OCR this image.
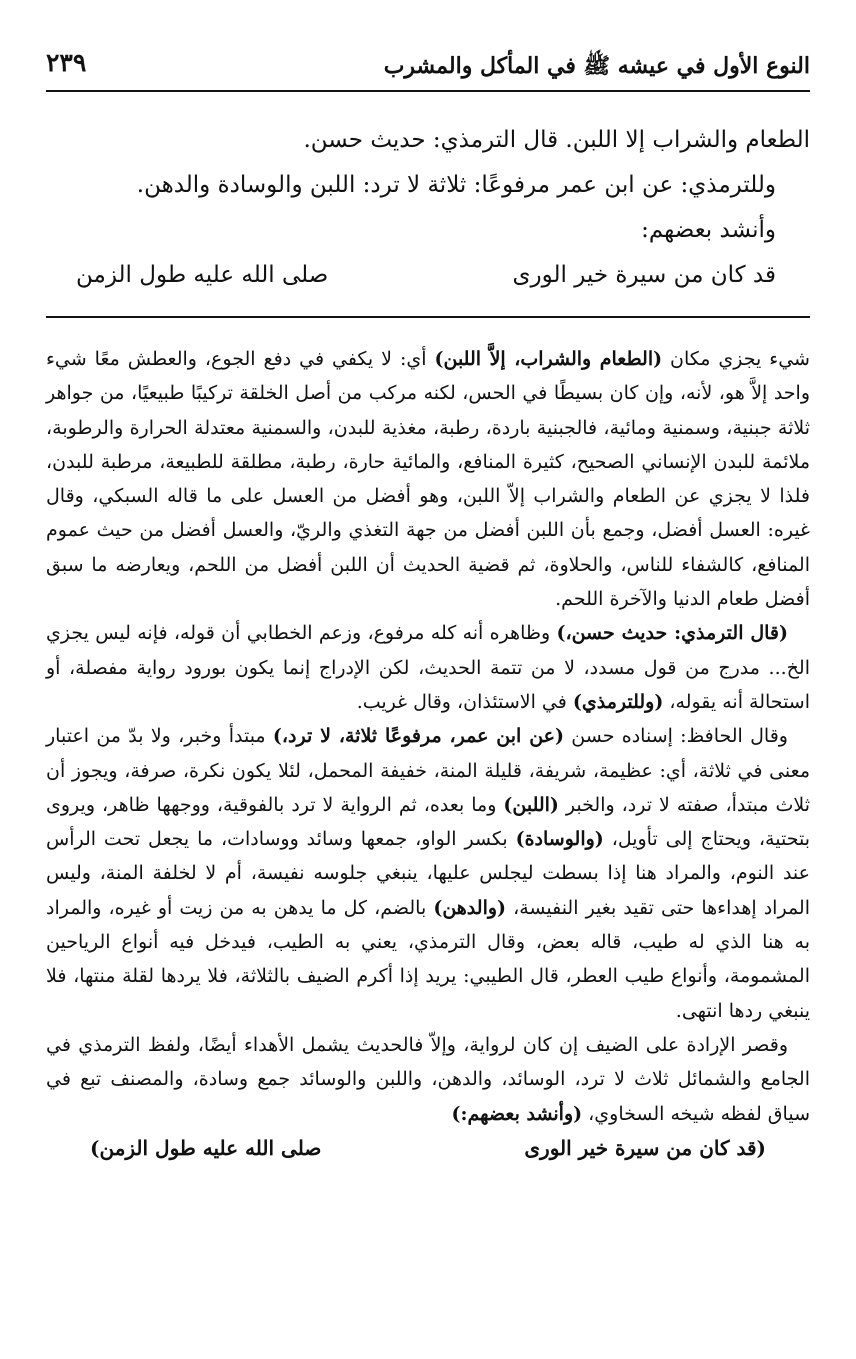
النوع الأول في عيشه ﷺ في المأكل والمشرب
٢٣٩

الطعام والشراب إلا اللبن. قال الترمذي: حديث حسن.

وللترمذي: عن ابن عمر مرفوعًا: ثلاثة لا ترد: اللبن والوسادة والدهن.

وأنشد بعضهم:

قد كان من سيرة خير الورى
صلى الله عليه طول الزمن

شيء يجزي مكان (الطعام والشراب، إلاَّ اللبن) أي: لا يكفي في دفع الجوع، والعطش معًا شيء واحد إلاَّ هو، لأنه، وإن كان بسيطًا في الحس، لكنه مركب من أصل الخلقة تركيبًا طبيعيًا، من جواهر ثلاثة جبنية، وسمنية ومائية، فالجبنية باردة، رطبة، مغذية للبدن، والسمنية معتدلة الحرارة والرطوبة، ملائمة للبدن الإنساني الصحيح، كثيرة المنافع، والمائية حارة، رطبة، مطلقة للطبيعة، مرطبة للبدن، فلذا لا يجزي عن الطعام والشراب إلاّ اللبن، وهو أفضل من العسل على ما قاله السبكي، وقال غيره: العسل أفضل، وجمع بأن اللبن أفضل من جهة التغذي والريّ، والعسل أفضل من حيث عموم المنافع، كالشفاء للناس، والحلاوة، ثم قضية الحديث أن اللبن أفضل من اللحم، ويعارضه ما سبق أفضل طعام الدنيا والآخرة اللحم.

(قال الترمذي: حديث حسن،) وظاهره أنه كله مرفوع، وزعم الخطابي أن قوله، فإنه ليس يجزي الخ... مدرج من قول مسدد، لا من تتمة الحديث، لكن الإدراج إنما يكون بورود رواية مفصلة، أو استحالة أنه يقوله، (وللترمذي) في الاستئذان، وقال غريب.

وقال الحافظ: إسناده حسن (عن ابن عمر، مرفوعًا ثلاثة، لا ترد،) مبتدأ وخبر، ولا بدّ من اعتبار معنى في ثلاثة، أي: عظيمة، شريفة، قليلة المنة، خفيفة المحمل، لئلا يكون نكرة، صرفة، ويجوز أن ثلاث مبتدأ، صفته لا ترد، والخبر (اللبن) وما بعده، ثم الرواية لا ترد بالفوقية، ووجهها ظاهر، ويروى بتحتية، ويحتاج إلى تأويل، (والوسادة) بكسر الواو، جمعها وسائد ووسادات، ما يجعل تحت الرأس عند النوم، والمراد هنا إذا بسطت ليجلس عليها، ينبغي جلوسه نفيسة، أم لا لخلفة المنة، وليس المراد إهداءها حتى تقيد بغير النفيسة، (والدهن) بالضم، كل ما يدهن به من زيت أو غيره، والمراد به هنا الذي له طيب، قاله بعض، وقال الترمذي، يعني به الطيب، فيدخل فيه أنواع الرياحين المشمومة، وأنواع طيب العطر، قال الطيبي: يريد إذا أكرم الضيف بالثلاثة، فلا يردها لقلة منتها، فلا ينبغي ردها انتهى.

وقصر الإرادة على الضيف إن كان لرواية، وإلاّ فالحديث يشمل الأهداء أيضًا، ولفظ الترمذي في الجامع والشمائل ثلاث لا ترد، الوسائد، والدهن، واللبن والوسائد جمع وسادة، والمصنف تبع في سياق لفظه شيخه السخاوي، (وأنشد بعضهم:)

(قد كان من سيرة خير الورى
صلى الله عليه طول الزمن)
